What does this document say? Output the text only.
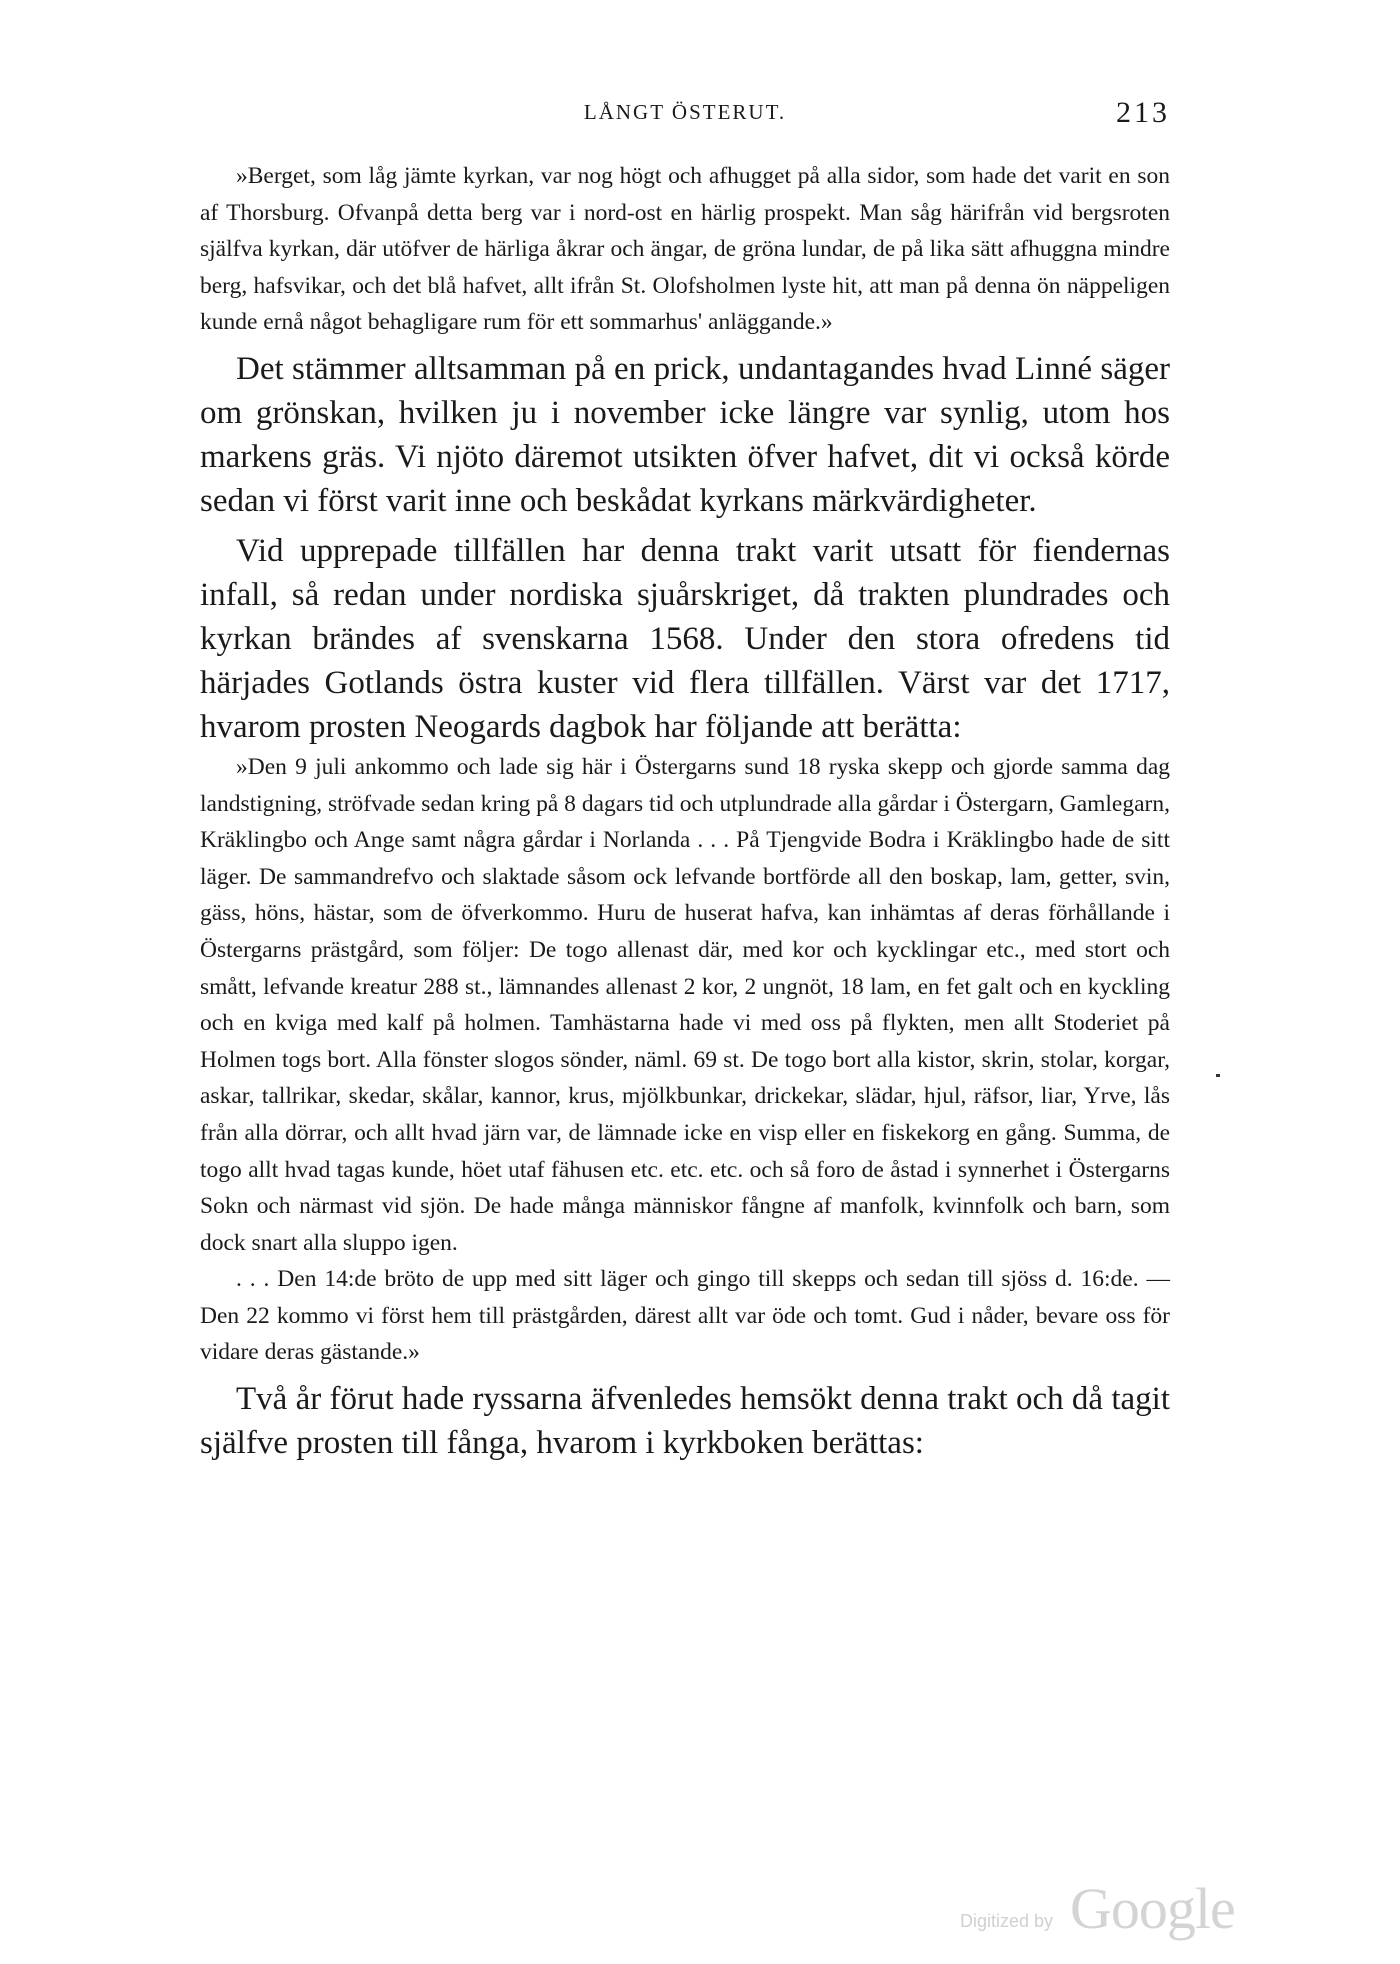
LÅNGT ÖSTERUT.	213

»Berget, som låg jämte kyrkan, var nog högt och afhugget på alla sidor, som hade det varit en son af Thorsburg. Ofvanpå detta berg var i nord-ost en härlig prospekt. Man såg härifrån vid bergsroten själfva kyrkan, där utöfver de härliga åkrar och ängar, de gröna lundar, de på lika sätt afhuggna mindre berg, hafsvikar, och det blå hafvet, allt ifrån St. Olofsholmen lyste hit, att man på denna ön näppeligen kunde ernå något behagligare rum för ett sommarhus' anläggande.»

Det stämmer alltsamman på en prick, undantagandes hvad Linné säger om grönskan, hvilken ju i november icke längre var synlig, utom hos markens gräs. Vi njöto däremot utsikten öfver hafvet, dit vi också körde sedan vi först varit inne och beskådat kyrkans märkvärdigheter.

Vid upprepade tillfällen har denna trakt varit utsatt för fiendernas infall, så redan under nordiska sjuårskriget, då trakten plundrades och kyrkan brändes af svenskarna 1568. Under den stora ofredens tid härjades Gotlands östra kuster vid flera tillfällen. Värst var det 1717, hvarom prosten Neogards dagbok har följande att berätta:

»Den 9 juli ankommo och lade sig här i Östergarns sund 18 ryska skepp och gjorde samma dag landstigning, ströfvade sedan kring på 8 dagars tid och utplundrade alla gårdar i Östergarn, Gamlegarn, Kräklingbo och Ange samt några gårdar i Norlanda . . . På Tjengvide Bodra i Kräklingbo hade de sitt läger. De sammandrefvo och slaktade såsom ock lefvande bortförde all den boskap, lam, getter, svin, gäss, höns, hästar, som de öfverkommo. Huru de huserat hafva, kan inhämtas af deras förhållande i Östergarns prästgård, som följer: De togo allenast där, med kor och kycklingar etc., med stort och smått, lefvande kreatur 288 st., lämnandes allenast 2 kor, 2 ungnöt, 18 lam, en fet galt och en kyckling och en kviga med kalf på holmen. Tamhästarna hade vi med oss på flykten, men allt Stoderiet på Holmen togs bort. Alla fönster slogos sönder, näml. 69 st. De togo bort alla kistor, skrin, stolar, korgar, askar, tallrikar, skedar, skålar, kannor, krus, mjölkbunkar, drickekar, slädar, hjul, räfsor, liar, Yrve, lås från alla dörrar, och allt hvad järn var, de lämnade icke en visp eller en fiskekorg en gång. Summa, de togo allt hvad tagas kunde, höet utaf fähusen etc. etc. etc. och så foro de åstad i synnerhet i Östergarns Sokn och närmast vid sjön. De hade många människor fångne af manfolk, kvinnfolk och barn, som dock snart alla sluppo igen.

. . . Den 14:de bröto de upp med sitt läger och gingo till skepps och sedan till sjöss d. 16:de. — Den 22 kommo vi först hem till prästgården, därest allt var öde och tomt. Gud i nåder, bevare oss för vidare deras gästande.»

Två år förut hade ryssarna äfvenledes hemsökt denna trakt och då tagit själfve prosten till fånga, hvarom i kyrkboken berättas:

Digitized by Google
